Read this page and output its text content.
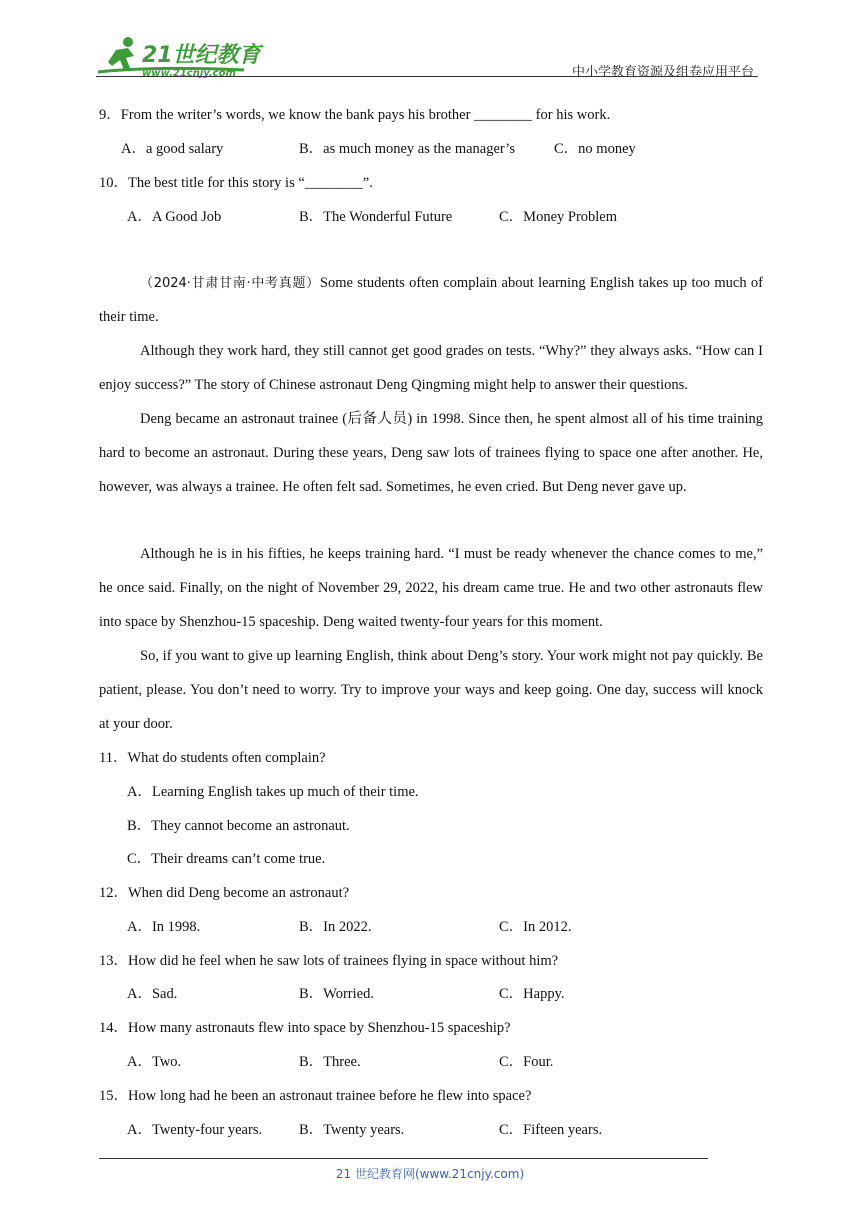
21世纪教育
www.21cnjy.com	中小学教育资源及组卷应用平台
9．From the writer’s words, we know the bank pays his brother ________ for his work.
A．a good salary	B．as much money as the manager’s	C．no money
10．The best title for this story is “________”.
A．A Good Job	B．The Wonderful Future	C．Money Problem
（2024·甘肃甘南·中考真题）Some students often complain about learning English takes up too much of their time.
Although they work hard, they still cannot get good grades on tests. “Why?” they always asks. “How can I enjoy success?” The story of Chinese astronaut Deng Qingming might help to answer their questions.
Deng became an astronaut trainee (后备人员) in 1998. Since then, he spent almost all of his time training hard to become an astronaut. During these years, Deng saw lots of trainees flying to space one after another. He, however, was always a trainee. He often felt sad. Sometimes, he even cried. But Deng never gave up.
Although he is in his fifties, he keeps training hard. “I must be ready whenever the chance comes to me,” he once said. Finally, on the night of November 29, 2022, his dream came true. He and two other astronauts flew into space by Shenzhou-15 spaceship. Deng waited twenty-four years for this moment.
So, if you want to give up learning English, think about Deng’s story. Your work might not pay quickly. Be patient, please. You don’t need to worry. Try to improve your ways and keep going. One day, success will knock at your door.
11．What do students often complain?
A．Learning English takes up much of their time.
B．They cannot become an astronaut.
C．Their dreams can’t come true.
12．When did Deng become an astronaut?
A．In 1998.	B．In 2022.	C．In 2012.
13．How did he feel when he saw lots of trainees flying in space without him?
A．Sad.	B．Worried.	C．Happy.
14．How many astronauts flew into space by Shenzhou-15 spaceship?
A．Two.	B．Three.	C．Four.
15．How long had he been an astronaut trainee before he flew into space?
A．Twenty-four years.	B．Twenty years.	C．Fifteen years.
21 世纪教育网(www.21cnjy.com)
